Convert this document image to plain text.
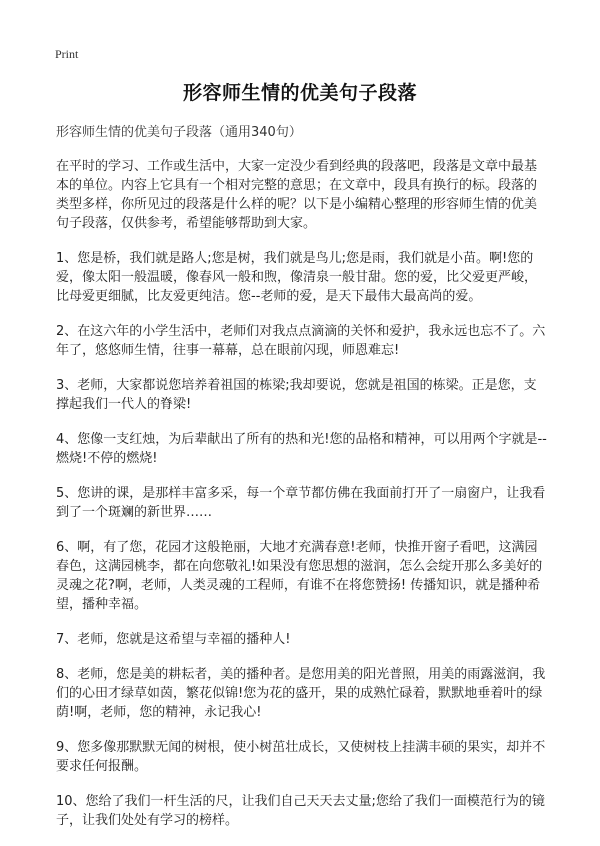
Print
形容师生情的优美句子段落
形容师生情的优美句子段落（通用340句）

在平时的学习、工作或生活中，大家一定没少看到经典的段落吧，段落是文章中最基本的单位。内容上它具有一个相对完整的意思；在文章中，段具有换行的标。段落的类型多样，你所见过的段落是什么样的呢？以下是小编精心整理的形容师生情的优美句子段落，仅供参考，希望能够帮助到大家。

1、您是桥，我们就是路人;您是树，我们就是鸟儿;您是雨，我们就是小苗。啊!您的爱，像太阳一般温暖，像春风一般和煦，像清泉一般甘甜。您的爱，比父爱更严峻，比母爱更细腻，比友爱更纯洁。您--老师的爱，是天下最伟大最高尚的爱。

2、在这六年的小学生活中，老师们对我点点滴滴的关怀和爱护，我永远也忘不了。六年了，悠悠师生情，往事一幕幕，总在眼前闪现，师恩难忘!

3、老师，大家都说您培养着祖国的栋梁;我却要说，您就是祖国的栋梁。正是您，支撑起我们一代人的脊梁!

4、您像一支红烛，为后辈献出了所有的热和光!您的品格和精神，可以用两个字就是--燃烧!不停的燃烧!

5、您讲的课，是那样丰富多采，每一个章节都仿佛在我面前打开了一扇窗户，让我看到了一个斑斓的新世界……

6、啊，有了您，花园才这般艳丽，大地才充满春意!老师，快推开窗子看吧，这满园春色，这满园桃李，都在向您敬礼!如果没有您思想的滋润，怎么会绽开那么多美好的灵魂之花?啊，老师，人类灵魂的工程师，有谁不在将您赞扬! 传播知识，就是播种希望，播种幸福。

7、老师，您就是这希望与幸福的播种人!

8、老师，您是美的耕耘者，美的播种者。是您用美的阳光普照，用美的雨露滋润，我们的心田才绿草如茵，繁花似锦!您为花的盛开，果的成熟忙碌着，默默地垂着叶的绿荫!啊，老师，您的精神，永记我心!

9、您多像那默默无闻的树根，使小树茁壮成长，又使树枝上挂满丰硕的果实，却并不要求任何报酬。

10、您给了我们一杆生活的尺，让我们自己天天去丈量;您给了我们一面模范行为的镜子，让我们处处有学习的榜样。
